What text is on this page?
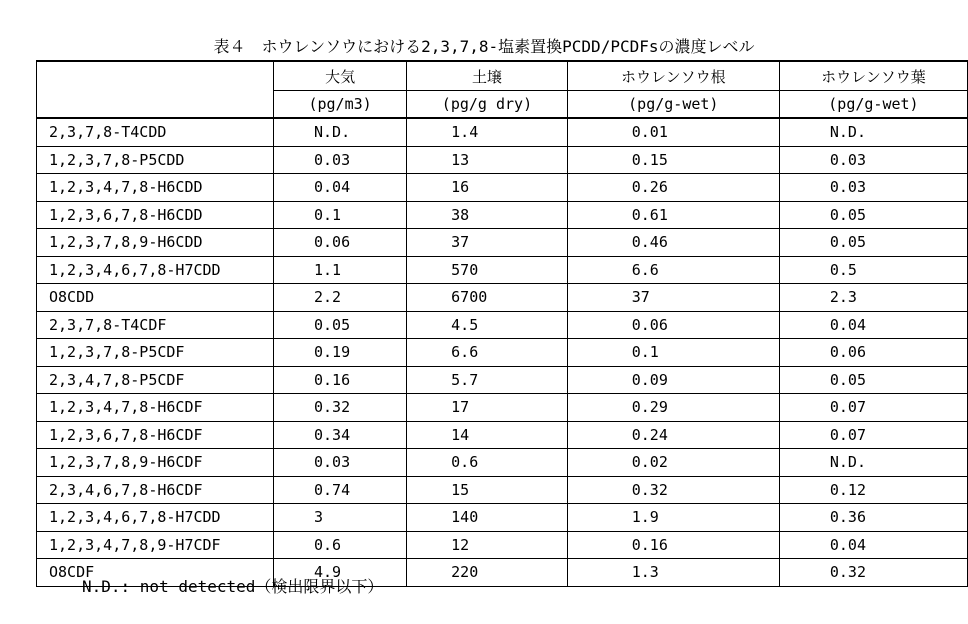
表４　ホウレンソウにおける2,3,7,8-塩素置換PCDD/PCDFsの濃度レベル
	大気	土壌	ホウレンソウ根	ホウレンソウ葉
	(pg/m3)	(pg/g dry)	(pg/g-wet)	(pg/g-wet)
2,3,7,8-T4CDD	N.D.	1.4	0.01	N.D.
1,2,3,7,8-P5CDD	0.03	13	0.15	0.03
1,2,3,4,7,8-H6CDD	0.04	16	0.26	0.03
1,2,3,6,7,8-H6CDD	0.1	38	0.61	0.05
1,2,3,7,8,9-H6CDD	0.06	37	0.46	0.05
1,2,3,4,6,7,8-H7CDD	1.1	570	6.6	0.5
O8CDD	2.2	6700	37	2.3
2,3,7,8-T4CDF	0.05	4.5	0.06	0.04
1,2,3,7,8-P5CDF	0.19	6.6	0.1	0.06
2,3,4,7,8-P5CDF	0.16	5.7	0.09	0.05
1,2,3,4,7,8-H6CDF	0.32	17	0.29	0.07
1,2,3,6,7,8-H6CDF	0.34	14	0.24	0.07
1,2,3,7,8,9-H6CDF	0.03	0.6	0.02	N.D.
2,3,4,6,7,8-H6CDF	0.74	15	0.32	0.12
1,2,3,4,6,7,8-H7CDD	3	140	1.9	0.36
1,2,3,4,7,8,9-H7CDF	0.6	12	0.16	0.04
O8CDF	4.9	220	1.3	0.32
N.D.: not detected（検出限界以下）
